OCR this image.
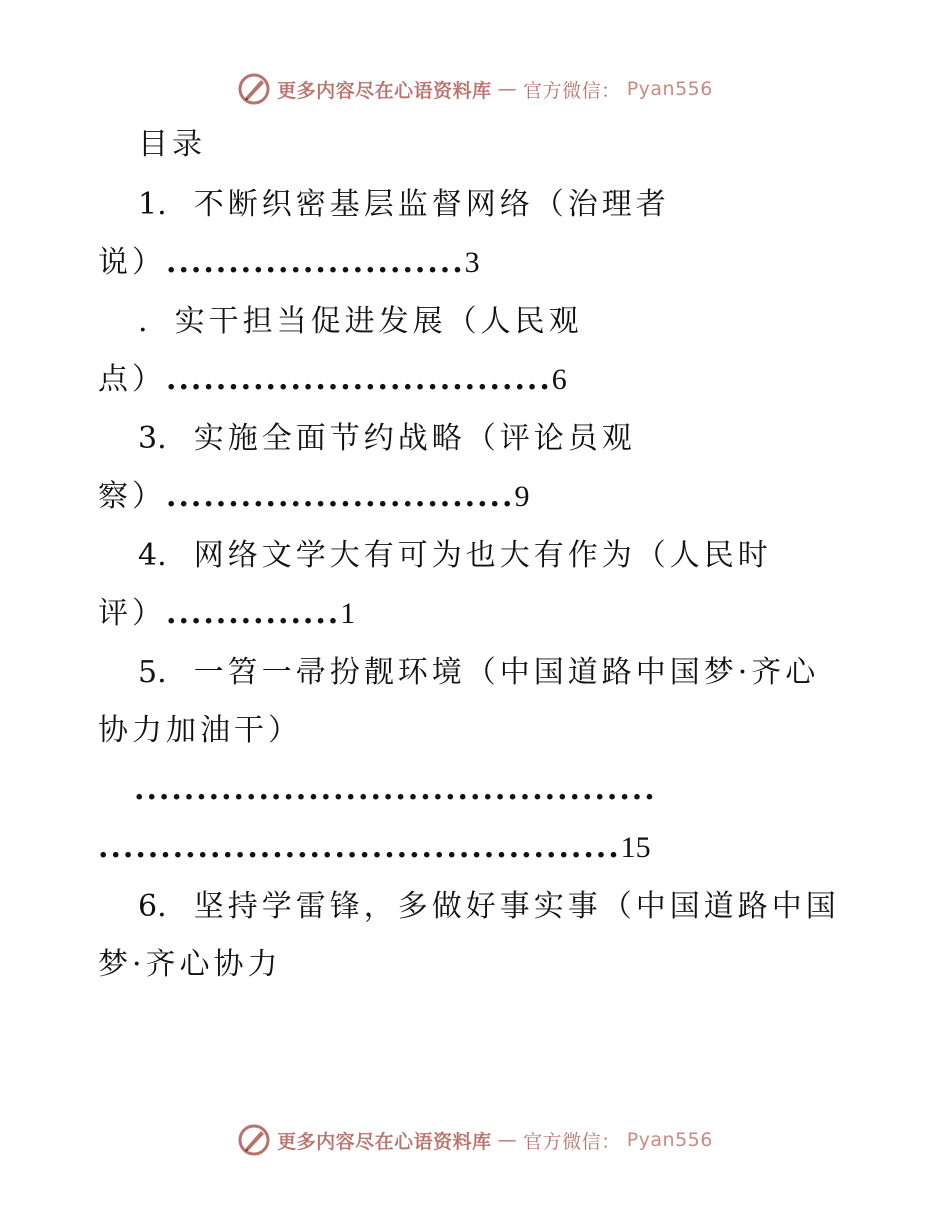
更多内容尽在心语资料库 — 官方微信： Pyan556
目录
1. 不断织密基层监督网络（治理者
说）........................3
. 实干担当促进发展（人民观
点）...............................6
3. 实施全面节约战略（评论员观
察）............................9
4. 网络文学大有可为也大有作为（人民时
评）..............1
5. 一笤一帚扮靓环境（中国道路中国梦·齐心
协力加油干）
..........................................
..........................................15
6. 坚持学雷锋，多做好事实事（中国道路中国
梦·齐心协力
更多内容尽在心语资料库 — 官方微信： Pyan556
